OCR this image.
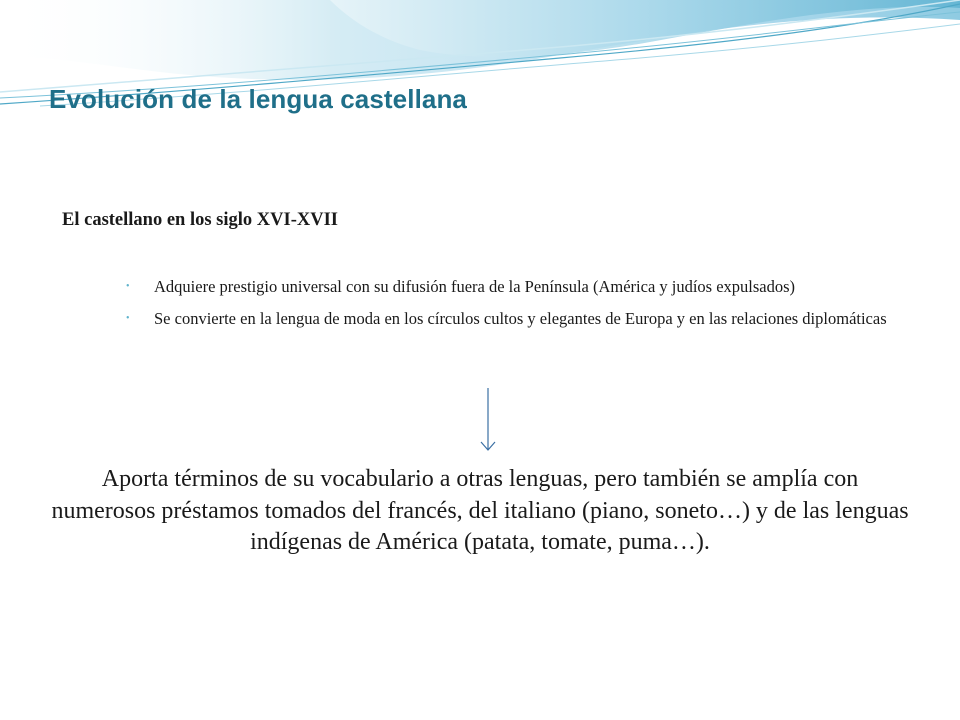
Evolución de la lengua castellana
El castellano en los siglo XVI-XVII
•	Adquiere prestigio universal con su difusión fuera de la Península (América y judíos expulsados)
•	Se convierte en la lengua de moda en los círculos cultos y elegantes de Europa y en las relaciones diplomáticas

Aporta términos de su vocabulario a otras lenguas, pero también se amplía con numerosos préstamos tomados del francés, del italiano (piano, soneto…) y de las lenguas indígenas de América (patata, tomate, puma…).
